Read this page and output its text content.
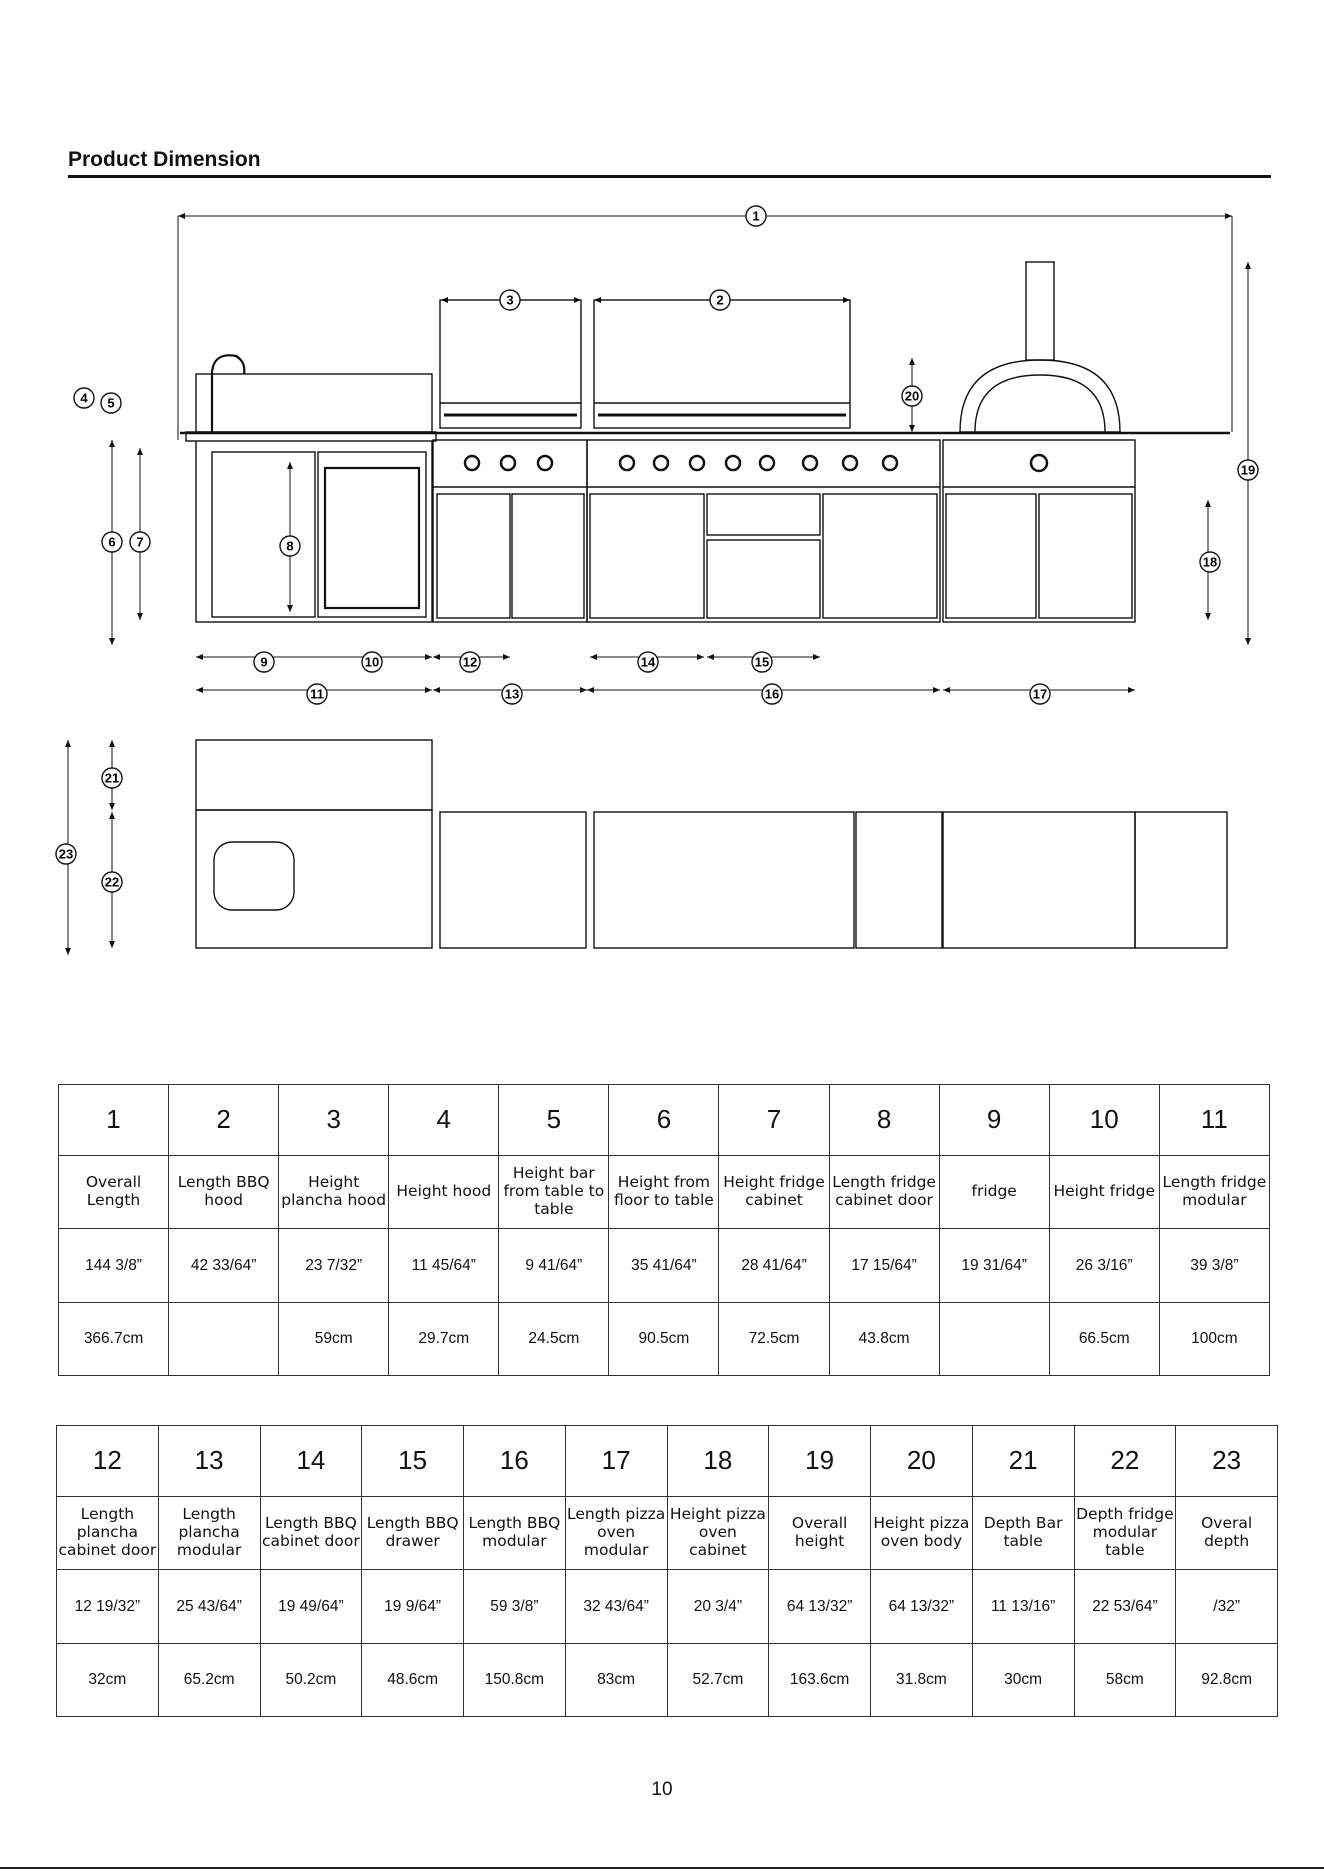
Product Dimension
1
2
3
4 5
6 7	8
9	10
11
12
13
14	15
16	17
18
19
20
21
22
23
1	2	3	4	5	6	7	8	9	10	11
Overall Length	Length BBQ hood	Height plancha hood	Height hood	Height bar from table to table	Height from floor to table	Height fridge cabinet	Length fridge cabinet door	fridge	Height fridge	Length fridge modular
144 3/8”	42 33/64”	23 7/32”	11 45/64”	9 41/64”	35 41/64”	28 41/64”	17 15/64”	19 31/64”	26 3/16”	39 3/8”
366.7cm		59cm	29.7cm	24.5cm	90.5cm	72.5cm	43.8cm		66.5cm	100cm
12	13	14	15	16	17	18	19	20	21	22	23
Length plancha cabinet door	Length plancha modular	Length BBQ cabinet door	Length BBQ drawer	Length BBQ modular	Length pizza oven modular	Height pizza oven cabinet	Overall height	Height pizza oven body	Depth Bar table	Depth fridge modular table	Overal depth
12 19/32”	25 43/64”	19 49/64”	19 9/64”	59 3/8”	32 43/64”	20 3/4”	64 13/32”	64 13/32”	11 13/16”	22 53/64”	/32”
32cm	65.2cm	50.2cm	48.6cm	150.8cm	83cm	52.7cm	163.6cm	31.8cm	30cm	58cm	92.8cm
10
